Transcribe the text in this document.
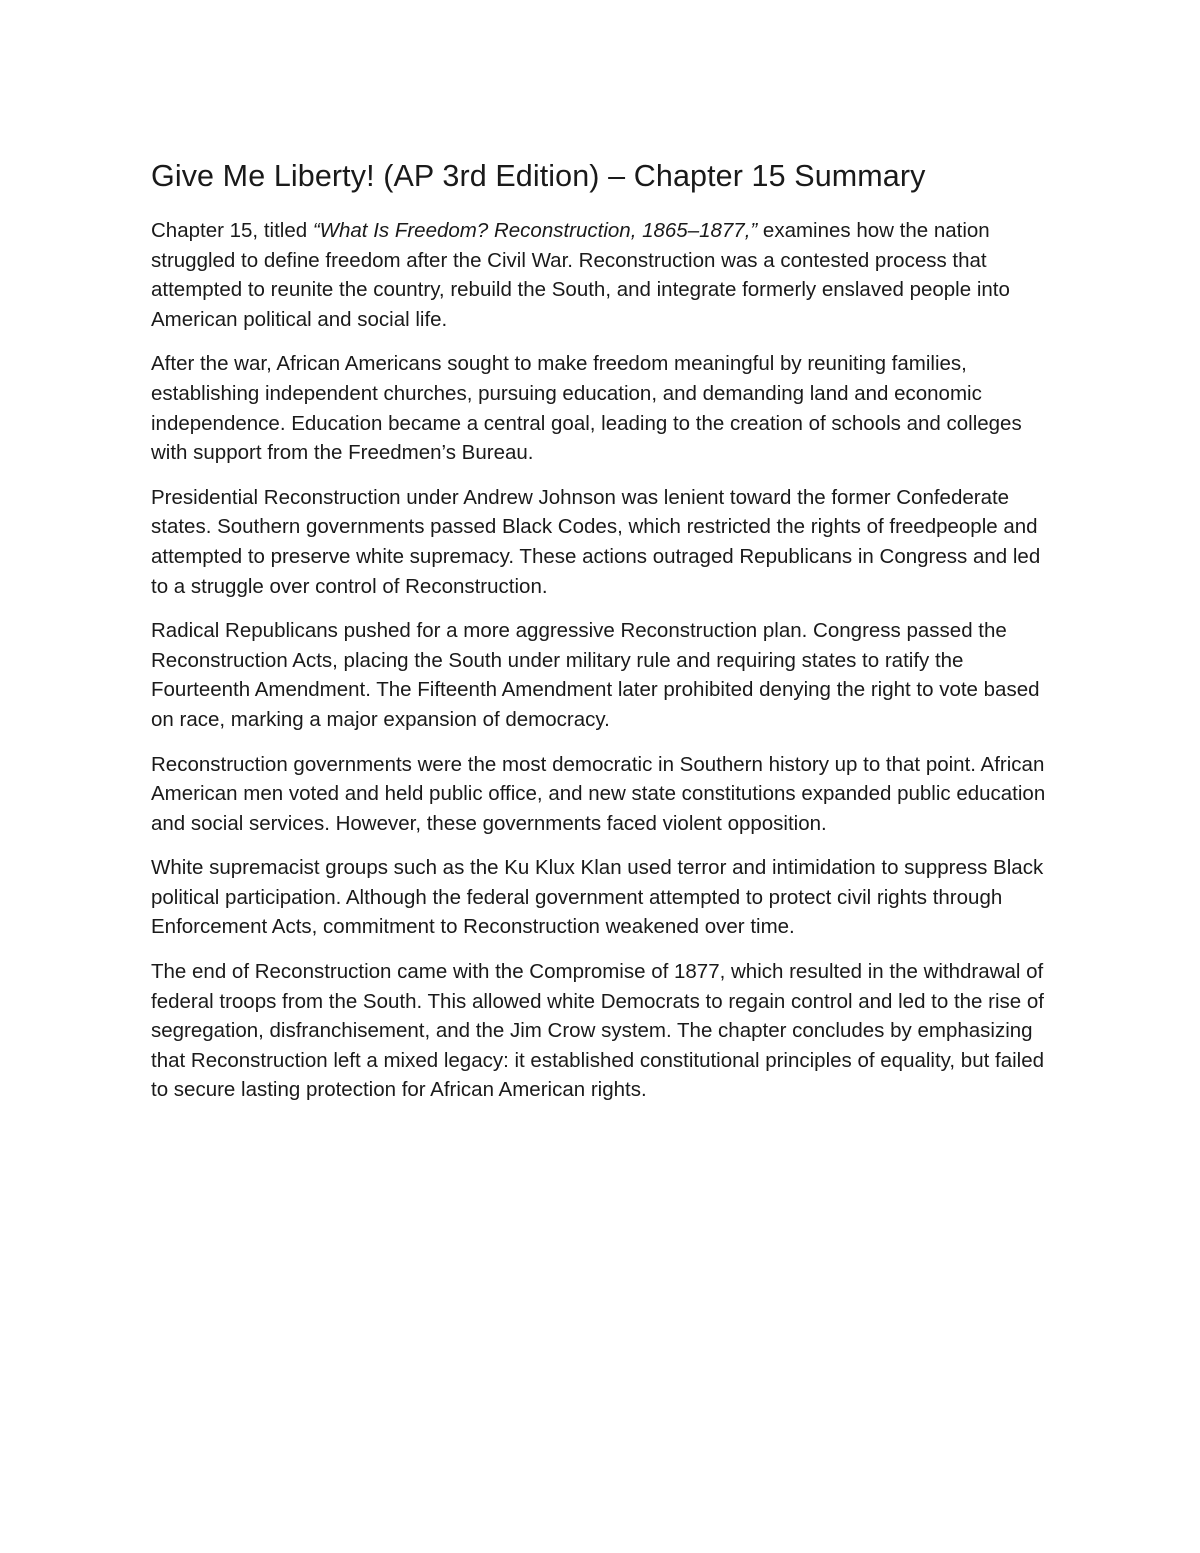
Give Me Liberty! (AP 3rd Edition) – Chapter 15 Summary

Chapter 15, titled “What Is Freedom? Reconstruction, 1865–1877,” examines how the nation struggled to define freedom after the Civil War. Reconstruction was a contested process that attempted to reunite the country, rebuild the South, and integrate formerly enslaved people into American political and social life.

After the war, African Americans sought to make freedom meaningful by reuniting families, establishing independent churches, pursuing education, and demanding land and economic independence. Education became a central goal, leading to the creation of schools and colleges with support from the Freedmen’s Bureau.

Presidential Reconstruction under Andrew Johnson was lenient toward the former Confederate states. Southern governments passed Black Codes, which restricted the rights of freedpeople and attempted to preserve white supremacy. These actions outraged Republicans in Congress and led to a struggle over control of Reconstruction.

Radical Republicans pushed for a more aggressive Reconstruction plan. Congress passed the Reconstruction Acts, placing the South under military rule and requiring states to ratify the Fourteenth Amendment. The Fifteenth Amendment later prohibited denying the right to vote based on race, marking a major expansion of democracy.

Reconstruction governments were the most democratic in Southern history up to that point. African American men voted and held public office, and new state constitutions expanded public education and social services. However, these governments faced violent opposition.

White supremacist groups such as the Ku Klux Klan used terror and intimidation to suppress Black political participation. Although the federal government attempted to protect civil rights through Enforcement Acts, commitment to Reconstruction weakened over time.

The end of Reconstruction came with the Compromise of 1877, which resulted in the withdrawal of federal troops from the South. This allowed white Democrats to regain control and led to the rise of segregation, disfranchisement, and the Jim Crow system. The chapter concludes by emphasizing that Reconstruction left a mixed legacy: it established constitutional principles of equality, but failed to secure lasting protection for African American rights.
